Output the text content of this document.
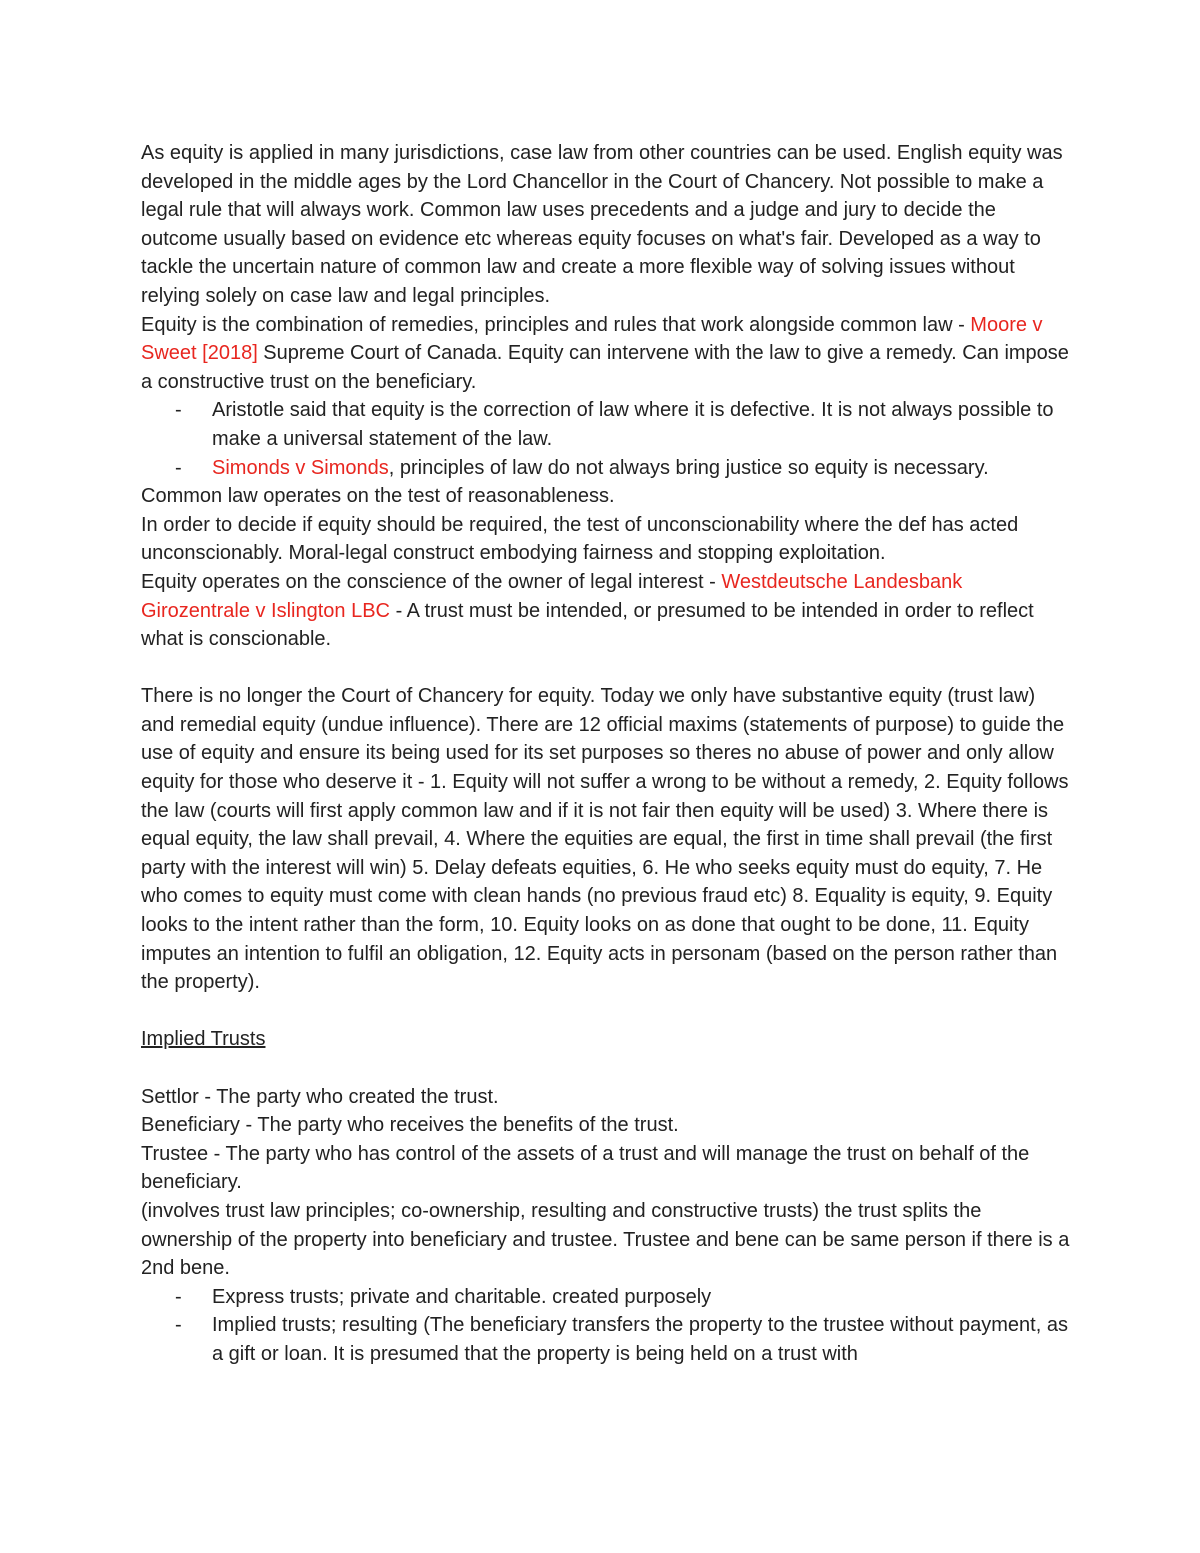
As equity is applied in many jurisdictions, case law from other countries can be used. English equity was developed in the middle ages by the Lord Chancellor in the Court of Chancery. Not possible to make a legal rule that will always work. Common law uses precedents and a judge and jury to decide the outcome usually based on evidence etc whereas equity focuses on what's fair. Developed as a way to tackle the uncertain nature of common law and create a more flexible way of solving issues without relying solely on case law and legal principles.

Equity is the combination of remedies, principles and rules that work alongside common law - Moore v Sweet [2018] Supreme Court of Canada. Equity can intervene with the law to give a remedy. Can impose a constructive trust on the beneficiary.

- Aristotle said that equity is the correction of law where it is defective. It is not always possible to make a universal statement of the law.
- Simonds v Simonds, principles of law do not always bring justice so equity is necessary.

Common law operates on the test of reasonableness.

In order to decide if equity should be required, the test of unconscionability where the def has acted unconscionably. Moral-legal construct embodying fairness and stopping exploitation.

Equity operates on the conscience of the owner of legal interest - Westdeutsche Landesbank Girozentrale v Islington LBC - A trust must be intended, or presumed to be intended in order to reflect what is conscionable.

There is no longer the Court of Chancery for equity. Today we only have substantive equity (trust law) and remedial equity (undue influence). There are 12 official maxims (statements of purpose) to guide the use of equity and ensure its being used for its set purposes so theres no abuse of power and only allow equity for those who deserve it - 1. Equity will not suffer a wrong to be without a remedy, 2. Equity follows the law (courts will first apply common law and if it is not fair then equity will be used) 3. Where there is equal equity, the law shall prevail, 4. Where the equities are equal, the first in time shall prevail (the first party with the interest will win) 5. Delay defeats equities, 6. He who seeks equity must do equity, 7. He who comes to equity must come with clean hands (no previous fraud etc) 8. Equality is equity, 9. Equity looks to the intent rather than the form, 10. Equity looks on as done that ought to be done, 11. Equity imputes an intention to fulfil an obligation, 12. Equity acts in personam (based on the person rather than the property).

Implied Trusts

Settlor - The party who created the trust.

Beneficiary - The party who receives the benefits of the trust.

Trustee - The party who has control of the assets of a trust and will manage the trust on behalf of the beneficiary.

(involves trust law principles; co-ownership, resulting and constructive trusts) the trust splits the ownership of the property into beneficiary and trustee. Trustee and bene can be same person if there is a 2nd bene.

- Express trusts; private and charitable. created purposely
- Implied trusts; resulting (The beneficiary transfers the property to the trustee without payment, as a gift or loan. It is presumed that the property is being held on a trust with
